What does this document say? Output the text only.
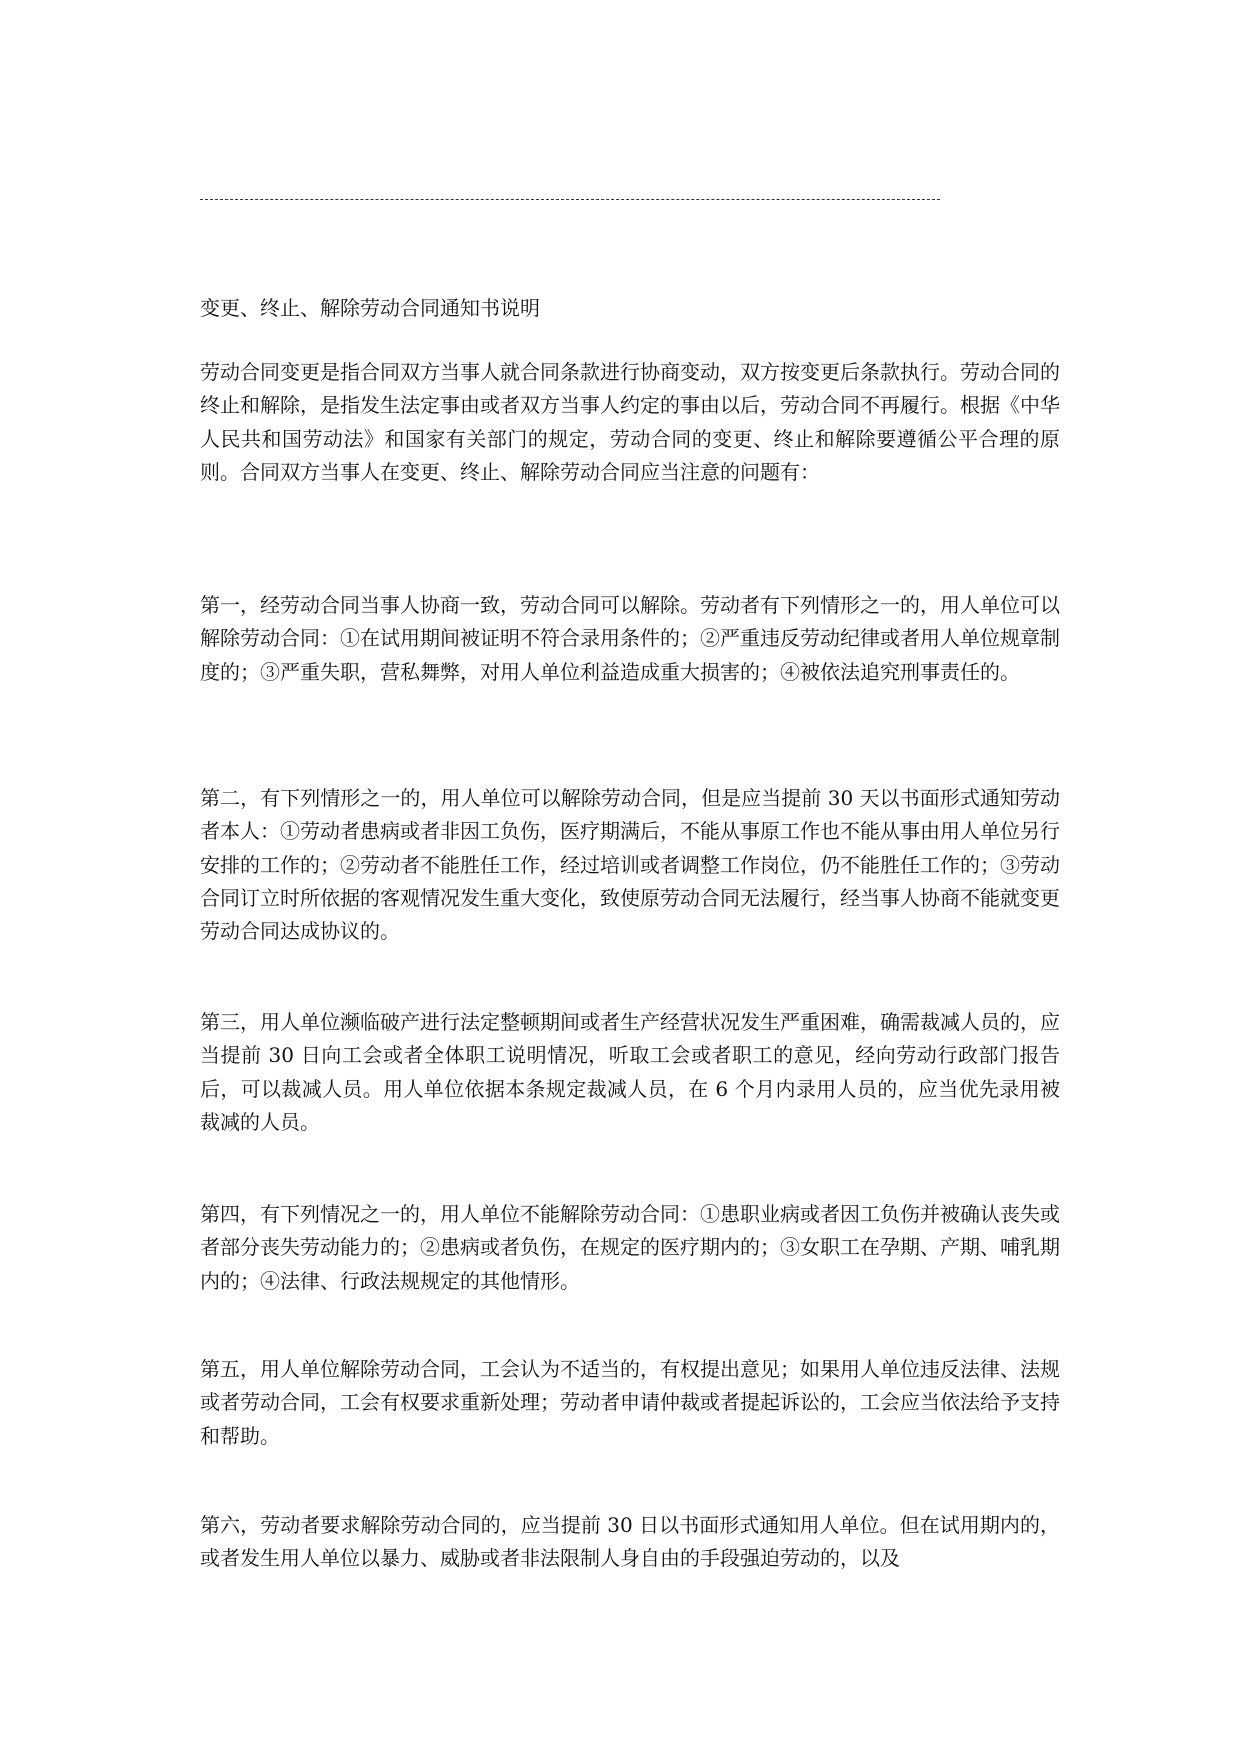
变更、终止、解除劳动合同通知书说明
劳动合同变更是指合同双方当事人就合同条款进行协商变动，双方按变更后条款执行。劳动合同的终止和解除，是指发生法定事由或者双方当事人约定的事由以后，劳动合同不再履行。根据《中华人民共和国劳动法》和国家有关部门的规定，劳动合同的变更、终止和解除要遵循公平合理的原则。合同双方当事人在变更、终止、解除劳动合同应当注意的问题有：
第一，经劳动合同当事人协商一致，劳动合同可以解除。劳动者有下列情形之一的，用人单位可以解除劳动合同：①在试用期间被证明不符合录用条件的；②严重违反劳动纪律或者用人单位规章制度的；③严重失职，营私舞弊，对用人单位利益造成重大损害的；④被依法追究刑事责任的。
第二，有下列情形之一的，用人单位可以解除劳动合同，但是应当提前 30 天以书面形式通知劳动者本人：①劳动者患病或者非因工负伤，医疗期满后，不能从事原工作也不能从事由用人单位另行安排的工作的；②劳动者不能胜任工作，经过培训或者调整工作岗位，仍不能胜任工作的；③劳动合同订立时所依据的客观情况发生重大变化，致使原劳动合同无法履行，经当事人协商不能就变更劳动合同达成协议的。
第三，用人单位濒临破产进行法定整顿期间或者生产经营状况发生严重困难，确需裁减人员的，应当提前 30 日向工会或者全体职工说明情况，听取工会或者职工的意见，经向劳动行政部门报告后，可以裁减人员。用人单位依据本条规定裁减人员，在 6 个月内录用人员的，应当优先录用被裁减的人员。
第四，有下列情况之一的，用人单位不能解除劳动合同：①患职业病或者因工负伤并被确认丧失或者部分丧失劳动能力的；②患病或者负伤，在规定的医疗期内的；③女职工在孕期、产期、哺乳期内的；④法律、行政法规规定的其他情形。
第五，用人单位解除劳动合同，工会认为不适当的，有权提出意见；如果用人单位违反法律、法规或者劳动合同，工会有权要求重新处理；劳动者申请仲裁或者提起诉讼的，工会应当依法给予支持和帮助。
第六，劳动者要求解除劳动合同的，应当提前 30 日以书面形式通知用人单位。但在试用期内的，或者发生用人单位以暴力、威胁或者非法限制人身自由的手段强迫劳动的，以及
